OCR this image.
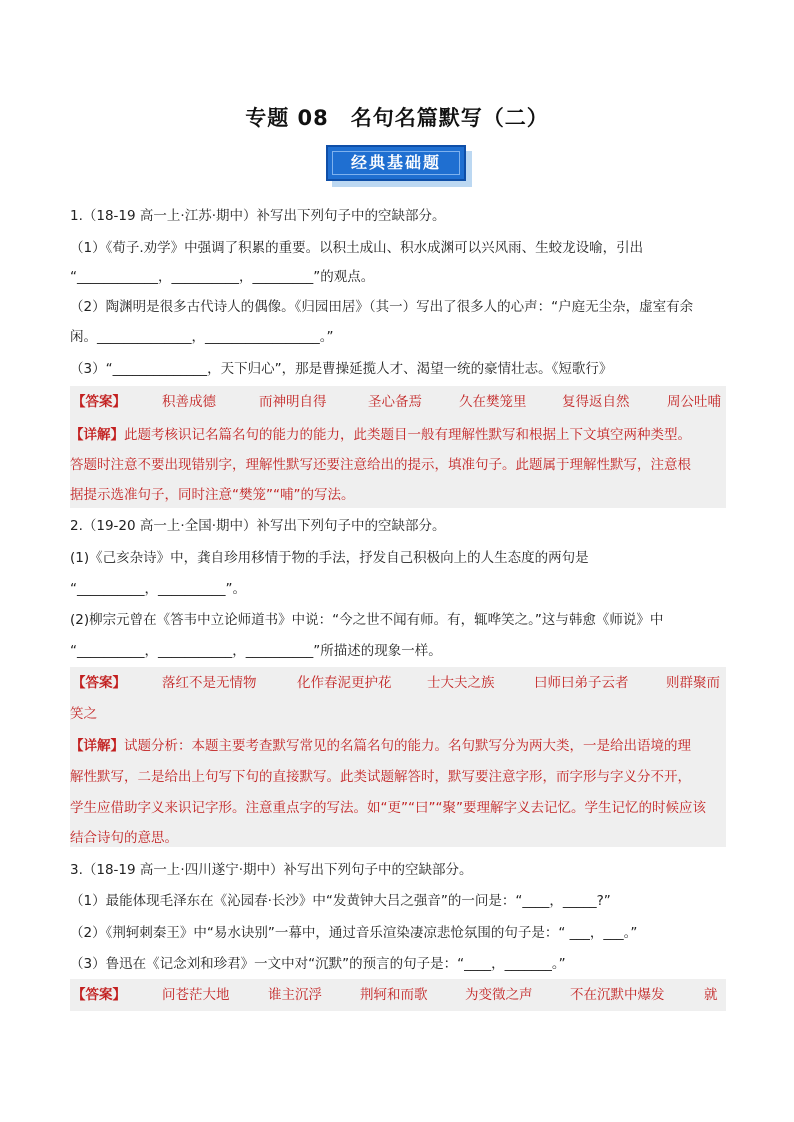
专题 08　名句名篇默写（二）
经典基础题
1.（18-19 高一上·江苏·期中）补写出下列句子中的空缺部分。
（1）《荀子.劝学》中强调了积累的重要。以积土成山、积水成渊可以兴风雨、生蛟龙设喻，引出
“____________，__________，_________”的观点。
（2）陶渊明是很多古代诗人的偶像。《归园田居》（其一）写出了很多人的心声：“户庭无尘杂，虚室有余
闲。______________，_________________。”
（3）“______________，天下归心”，那是曹操延揽人才、渴望一统的豪情壮志。《短歌行》
【答案】	积善成德	而神明自得	圣心备焉	久在樊笼里	复得返自然	周公吐哺
【详解】此题考核识记名篇名句的能力的能力，此类题目一般有理解性默写和根据上下文填空两种类型。
答题时注意不要出现错别字，理解性默写还要注意给出的提示，填准句子。此题属于理解性默写，注意根
据提示选准句子，同时注意“樊笼”“哺”的写法。
2.（19-20 高一上·全国·期中）补写出下列句子中的空缺部分。
(1)《己亥杂诗》中，龚自珍用移情于物的手法，抒发自己积极向上的人生态度的两句是
“__________，__________”。
(2)柳宗元曾在《答韦中立论师道书》中说：“今之世不闻有师。有，辄哗笑之。”这与韩愈《师说》中
“__________，___________，__________”所描述的现象一样。
【答案】	落红不是无情物	化作春泥更护花	士大夫之族	曰师曰弟子云者	则群聚而
笑之
【详解】试题分析：本题主要考查默写常见的名篇名句的能力。名句默写分为两大类，一是给出语境的理
解性默写，二是给出上句写下句的直接默写。此类试题解答时，默写要注意字形，而字形与字义分不开，
学生应借助字义来识记字形。注意重点字的写法。如“更”“曰”“聚”要理解字义去记忆。学生记忆的时候应该
结合诗句的意思。
3.（18-19 高一上·四川遂宁·期中）补写出下列句子中的空缺部分。
（1）最能体现毛泽东在《沁园春·长沙》中“发黄钟大吕之强音”的一问是：“____，_____?”
（2）《荆轲刺秦王》中“易水诀别”一幕中，通过音乐渲染凄凉悲怆氛围的句子是：“ ___，___。”
（3）鲁迅在《记念刘和珍君》一文中对“沉默”的预言的句子是：“____，_______。”
【答案】	问苍茫大地	谁主沉浮	荆轲和而歌	为变徵之声	不在沉默中爆发	就
